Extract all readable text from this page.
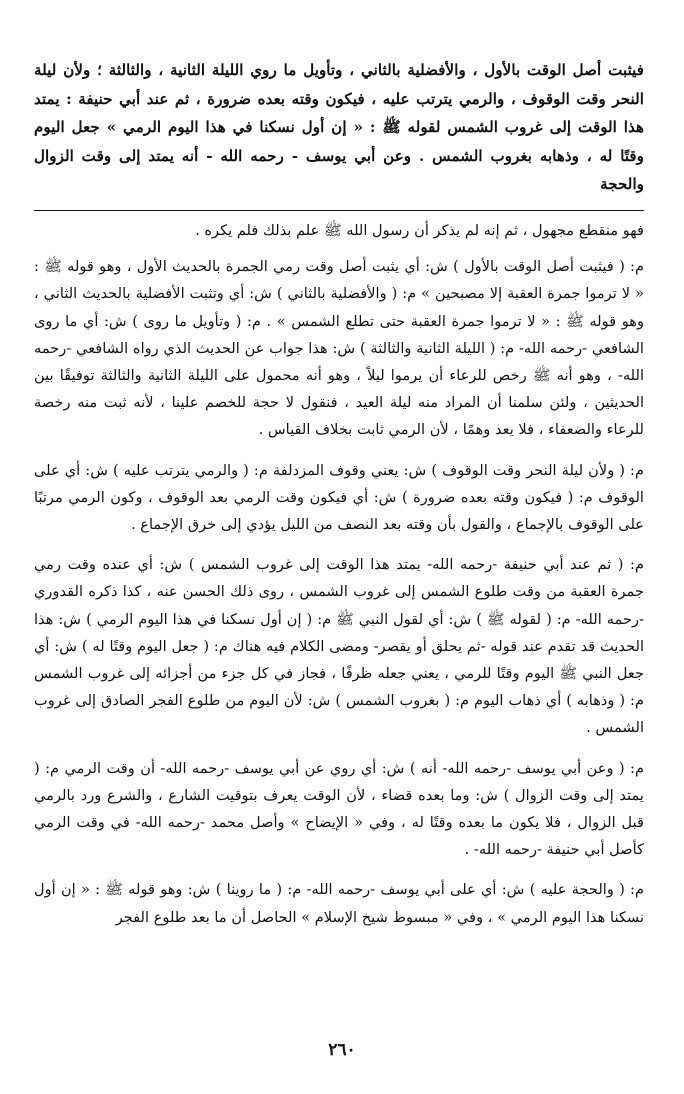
فيثبت أصل الوقت بالأول ، والأفضلية بالثاني ، وتأويل ما روي الليلة الثانية ، والثالثة ؛ ولأن ليلة النحر وقت الوقوف ، والرمي يترتب عليه ، فيكون وقته بعده ضرورة ، ثم عند أبي حنيفة : يمتد هذا الوقت إلى غروب الشمس لقوله ﷺ : « إن أول نسكنا في هذا اليوم الرمي » جعل اليوم وقتًا له ، وذهابه بغروب الشمس . وعن أبي يوسف - رحمه الله - أنه يمتد إلى وقت الزوال والحجة

فهو منقطع مجهول ، ثم إنه لم يذكر أن رسول الله ﷺ علم بذلك فلم يكره .

م: ( فيثبت أصل الوقت بالأول ) ش: أي يثبت أصل وقت رمي الجمرة بالحديث الأول ، وهو قوله ﷺ : « لا ترموا جمرة العقبة إلا مصبحين » م: ( والأفضلية بالثاني ) ش: أي وتثبت الأفضلية بالحديث الثاني ، وهو قوله ﷺ : « لا ترموا جمرة العقبة حتى تطلع الشمس » . م: ( وتأويل ما روى ) ش: أي ما روى الشافعي -رحمه الله- م: ( الليلة الثانية والثالثة ) ش: هذا جواب عن الحديث الذي رواه الشافعي -رحمه الله- ، وهو أنه ﷺ رخص للرعاء أن يرموا ليلاً ، وهو أنه محمول على الليلة الثانية والثالثة توفيقًا بين الحديثين ، ولئن سلمنا أن المراد منه ليلة العيد ، فنقول لا حجة للخصم علينا ، لأنه ثبت منه رخصة للرعاء والضعفاء ، فلا يعد وهمًا ، لأن الرمي ثابت بخلاف القياس .

م: ( ولأن ليلة النحر وقت الوقوف ) ش: يعني وقوف المزدلفة م: ( والرمي يترتب عليه ) ش: أي على الوقوف م: ( فيكون وقته بعده ضرورة ) ش: أي فيكون وقت الرمي بعد الوقوف ، وكون الرمي مرتبًا على الوقوف بالإجماع ، والقول بأن وقته بعد النصف من الليل يؤدي إلى خرق الإجماع .

م: ( ثم عند أبي حنيفة -رحمه الله- يمتد هذا الوقت إلى غروب الشمس ) ش: أي عنده وقت رمي جمرة العقبة من وقت طلوع الشمس إلى غروب الشمس ، روى ذلك الحسن عنه ، كذا ذكره القدوري -رحمه الله- م: ( لقوله ﷺ ) ش: أي لقول النبي ﷺ م: ( إن أول نسكنا في هذا اليوم الرمي ) ش: هذا الحديث قد تقدم عند قوله -ثم يحلق أو يقصر- ومضى الكلام فيه هناك م: ( جعل اليوم وقتًا له ) ش: أي جعل النبي ﷺ اليوم وقتًا للرمي ، يعني جعله ظرفًا ، فجاز في كل جزء من أجزائه إلى غروب الشمس م: ( وذهابه ) أي ذهاب اليوم م: ( بغروب الشمس ) ش: لأن اليوم من طلوع الفجر الصادق إلى غروب الشمس .

م: ( وعن أبي يوسف -رحمه الله- أنه ) ش: أي روي عن أبي يوسف -رحمه الله- أن وقت الرمي م: ( يمتد إلى وقت الزوال ) ش: وما بعده قضاء ، لأن الوقت يعرف بتوقيت الشارع ، والشرع ورد بالرمي قبل الزوال ، فلا يكون ما بعده وقتًا له ، وفي « الإيضاح » وأصل محمد -رحمه الله- في وقت الرمي كأصل أبي حنيفة -رحمه الله- .

م: ( والحجة عليه ) ش: أي على أبي يوسف -رحمه الله- م: ( ما روينا ) ش: وهو قوله ﷺ : « إن أول نسكنا هذا اليوم الرمي » ، وفي « مبسوط شيخ الإسلام » الحاصل أن ما بعد طلوع الفجر

٢٦٠
